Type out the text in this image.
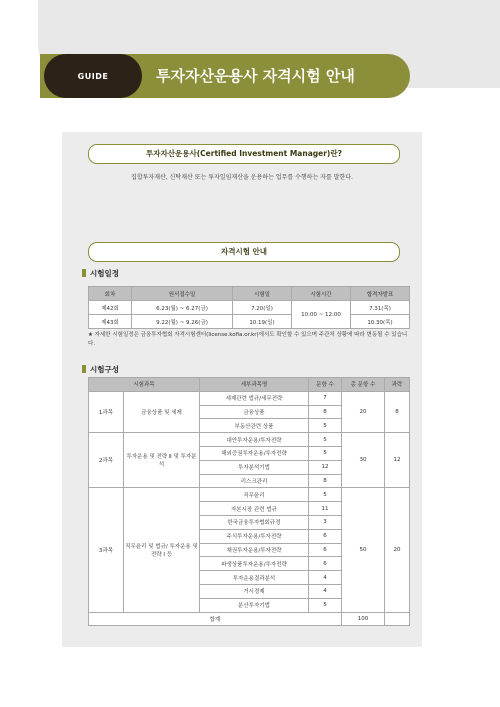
GUIDE	투자자산운용사 자격시험 안내
투자자산운용사(Certified Investment Manager)란?
집합투자재산, 신탁재산 또는 투자일임재산을 운용하는 업무를 수행하는 자를 말한다.
자격시험 안내
시험일정
회차	원서접수일	시험일	시험시간	합격자발표
제42회	6.23(월) ~ 6.27(금)	7.20(일)	10:00 ~ 12:00	7.31(목)
제43회	9.22(월) ~ 9.26(금)	10.19(일)		10.30(목)
★ 자세한 시험일정은 금융투자협회 자격시험센터(license.kofia.or.kr)에서도 확인할 수 있으며 주관처 상황에 따라 변동될 수 있습니다.
시험구성
시험과목		세부과목명	문항 수	총 문항 수	과락
1과목	금융상품 및 세제	세제관련 법규/세무전략	7	20	8
		금융상품	8		
		부동산관련 상품	5		
2과목	투자운용 및 전략 Ⅱ 및 투자분석	대안투자운용/투자전략	5	30	12
		해외증권투자운용/투자전략	5		
		투자분석기법	12		
		리스크관리	8		
3과목	직무윤리 및 법규/ 투자운용 및 전략 Ⅰ 등	직무윤리	5	50	20
		자본시장 관련 법규	11		
		한국금융투자협회규정	3		
		주식투자운용/투자전략	6		
		채권투자운용/투자전략	6		
		파생상품투자운용/투자전략	6		
		투자운용결과분석	4		
		거시경제	4		
		분산투자기법	5		
합계				100	
